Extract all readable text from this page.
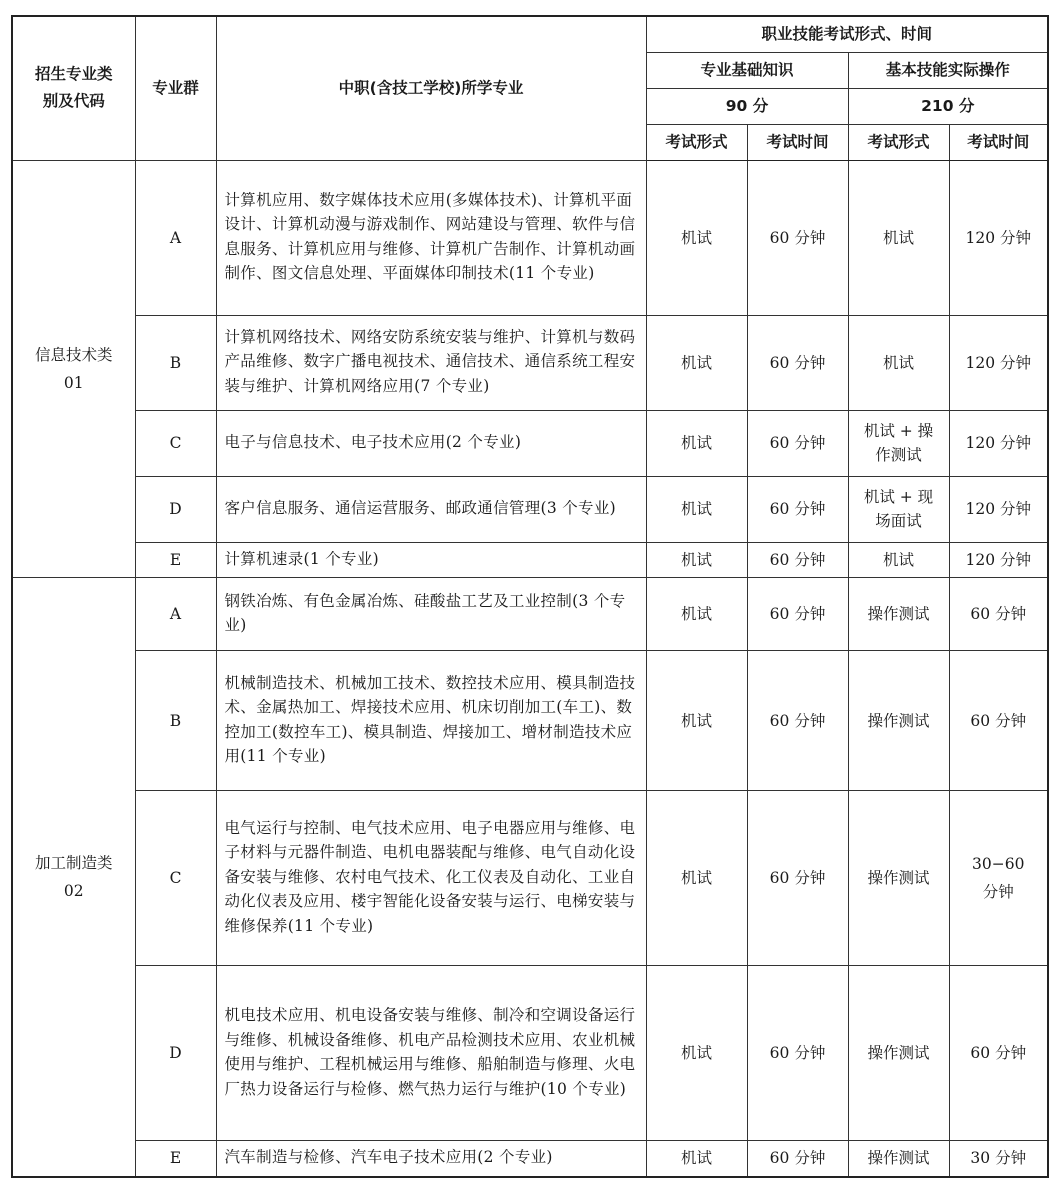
招生专业类别及代码	专业群	中职(含技工学校)所学专业	职业技能考试形式、时间			
			专业基础知识		基本技能实际操作	
			90 分		210 分	
			考试形式	考试时间	考试形式	考试时间

信息技术类
01	A	计算机应用、数字媒体技术应用(多媒体技术)、计算机平面设计、计算机动漫与游戏制作、网站建设与管理、软件与信息服务、计算机应用与维修、计算机广告制作、计算机动画制作、图文信息处理、平面媒体印制技术(11 个专业)	机试	60 分钟	机试	120 分钟
	B	计算机网络技术、网络安防系统安装与维护、计算机与数码产品维修、数字广播电视技术、通信技术、通信系统工程安装与维护、计算机网络应用(7 个专业)	机试	60 分钟	机试	120 分钟
	C	电子与信息技术、电子技术应用(2 个专业)	机试	60 分钟	机试 + 操作测试	120 分钟
	D	客户信息服务、通信运营服务、邮政通信管理(3 个专业)	机试	60 分钟	机试 + 现场面试	120 分钟
	E	计算机速录(1 个专业)	机试	60 分钟	机试	120 分钟

加工制造类
02	A	钢铁冶炼、有色金属冶炼、硅酸盐工艺及工业控制(3 个专业)	机试	60 分钟	操作测试	60 分钟
	B	机械制造技术、机械加工技术、数控技术应用、模具制造技术、金属热加工、焊接技术应用、机床切削加工(车工)、数控加工(数控车工)、模具制造、焊接加工、增材制造技术应用(11 个专业)	机试	60 分钟	操作测试	60 分钟
	C	电气运行与控制、电气技术应用、电子电器应用与维修、电子材料与元器件制造、电机电器装配与维修、电气自动化设备安装与维修、农村电气技术、化工仪表及自动化、工业自动化仪表及应用、楼宇智能化设备安装与运行、电梯安装与维修保养(11 个专业)	机试	60 分钟	操作测试	30−60 分钟
	D	机电技术应用、机电设备安装与维修、制冷和空调设备运行与维修、机械设备维修、机电产品检测技术应用、农业机械使用与维护、工程机械运用与维修、船舶制造与修理、火电厂热力设备运行与检修、燃气热力运行与维护(10 个专业)	机试	60 分钟	操作测试	60 分钟
	E	汽车制造与检修、汽车电子技术应用(2 个专业)	机试	60 分钟	操作测试	30 分钟
